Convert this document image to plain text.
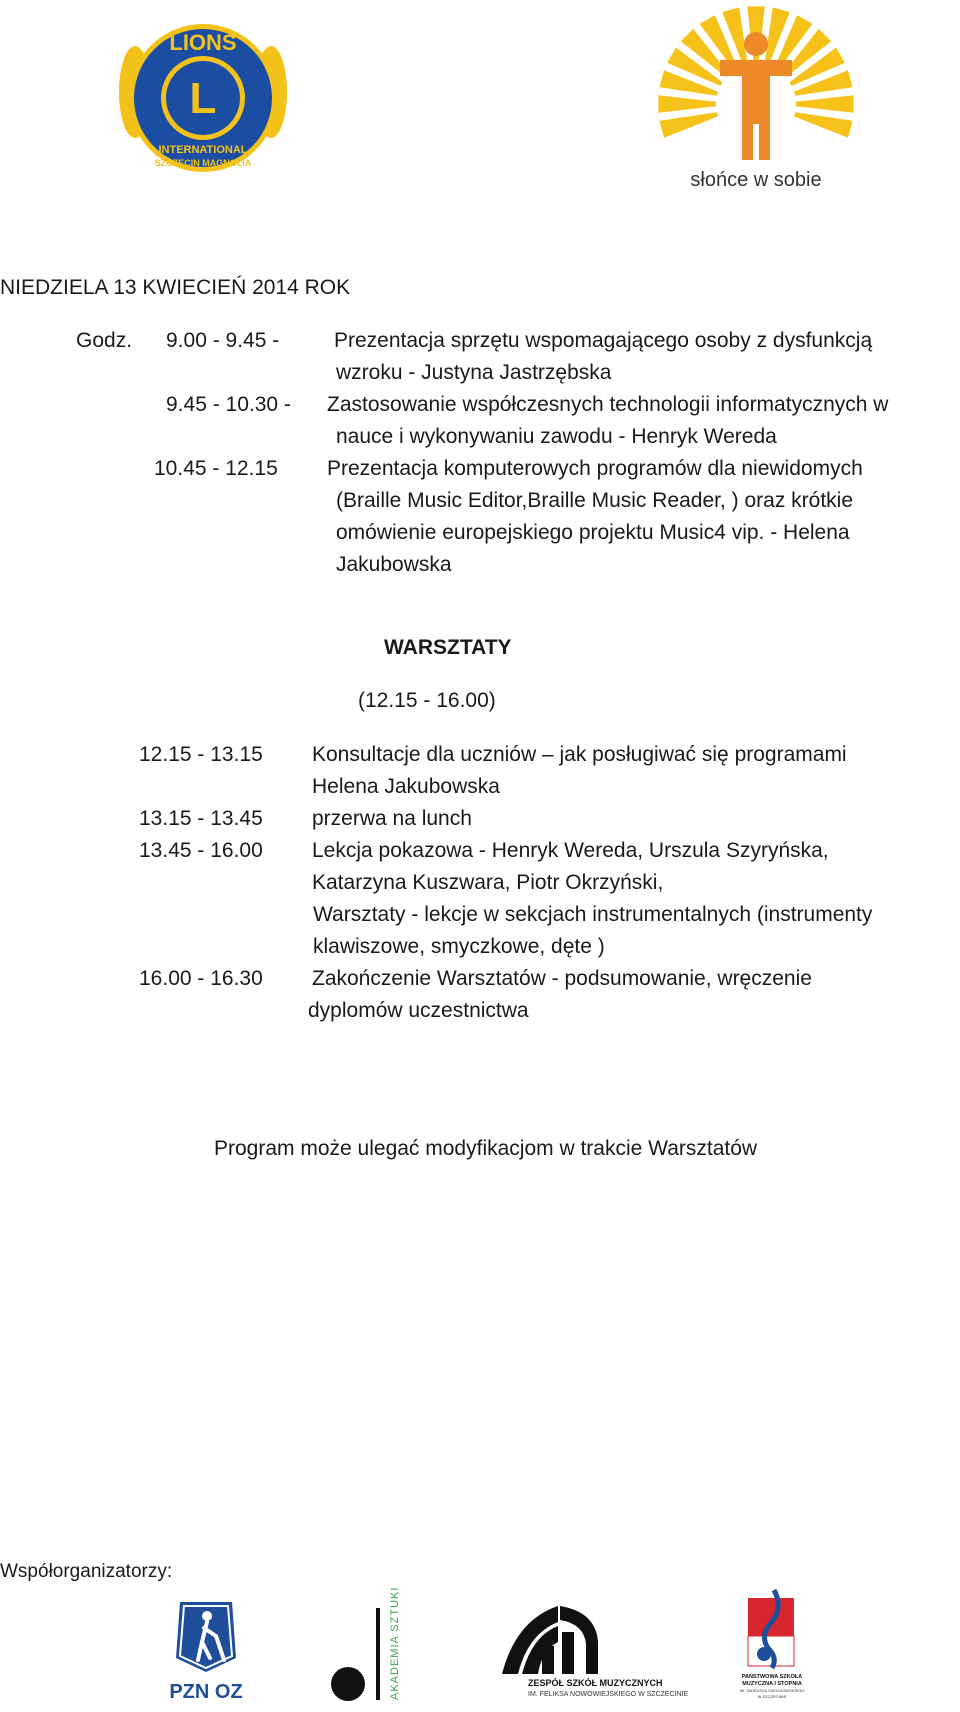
LIONS
L
INTERNATIONAL
SZCZECIN MAGNOLIA
słońce w sobie
NIEDZIELA 13 KWIECIEŃ 2014 ROK
Godz. 9.00 - 9.45 -	Prezentacja sprzętu wspomagającego osoby z dysfunkcją
wzroku - Justyna Jastrzębska
9.45 - 10.30 - Zastosowanie współczesnych technologii informatycznych w
nauce i wykonywaniu zawodu - Henryk Wereda
10.45 - 12.15 Prezentacja komputerowych programów dla niewidomych
(Braille Music Editor,Braille Music Reader, ) oraz krótkie
omówienie europejskiego projektu Music4 vip. - Helena
Jakubowska
WARSZTATY
(12.15 - 16.00)
12.15 - 13.15 Konsultacje dla uczniów – jak posługiwać się programami
Helena Jakubowska
13.15 - 13.45 przerwa na lunch
13.45 - 16.00 Lekcja pokazowa - Henryk Wereda, Urszula Szyryńska,
Katarzyna Kuszwara, Piotr Okrzyński,
Warsztaty - lekcje w sekcjach instrumentalnych (instrumenty
klawiszowe, smyczkowe, dęte )
16.00 - 16.30 Zakończenie Warsztatów - podsumowanie, wręczenie
dyplomów uczestnictwa
Program może ulegać modyfikacjom w trakcie Warsztatów
Współorganizatorzy:
PZN OZ	AKADEMIA SZTUKI	ZESPÓŁ SZKÓŁ MUZYCZNYCH
IM. FELIKSA NOWOWIEJSKIEGO W SZCZECINIE
PAŃSTWOWA SZKOŁA
MUZYCZNA I STOPNIA
IM. TADEUSZA SZELIGOWSKIEGO
W SZCZECINIE
